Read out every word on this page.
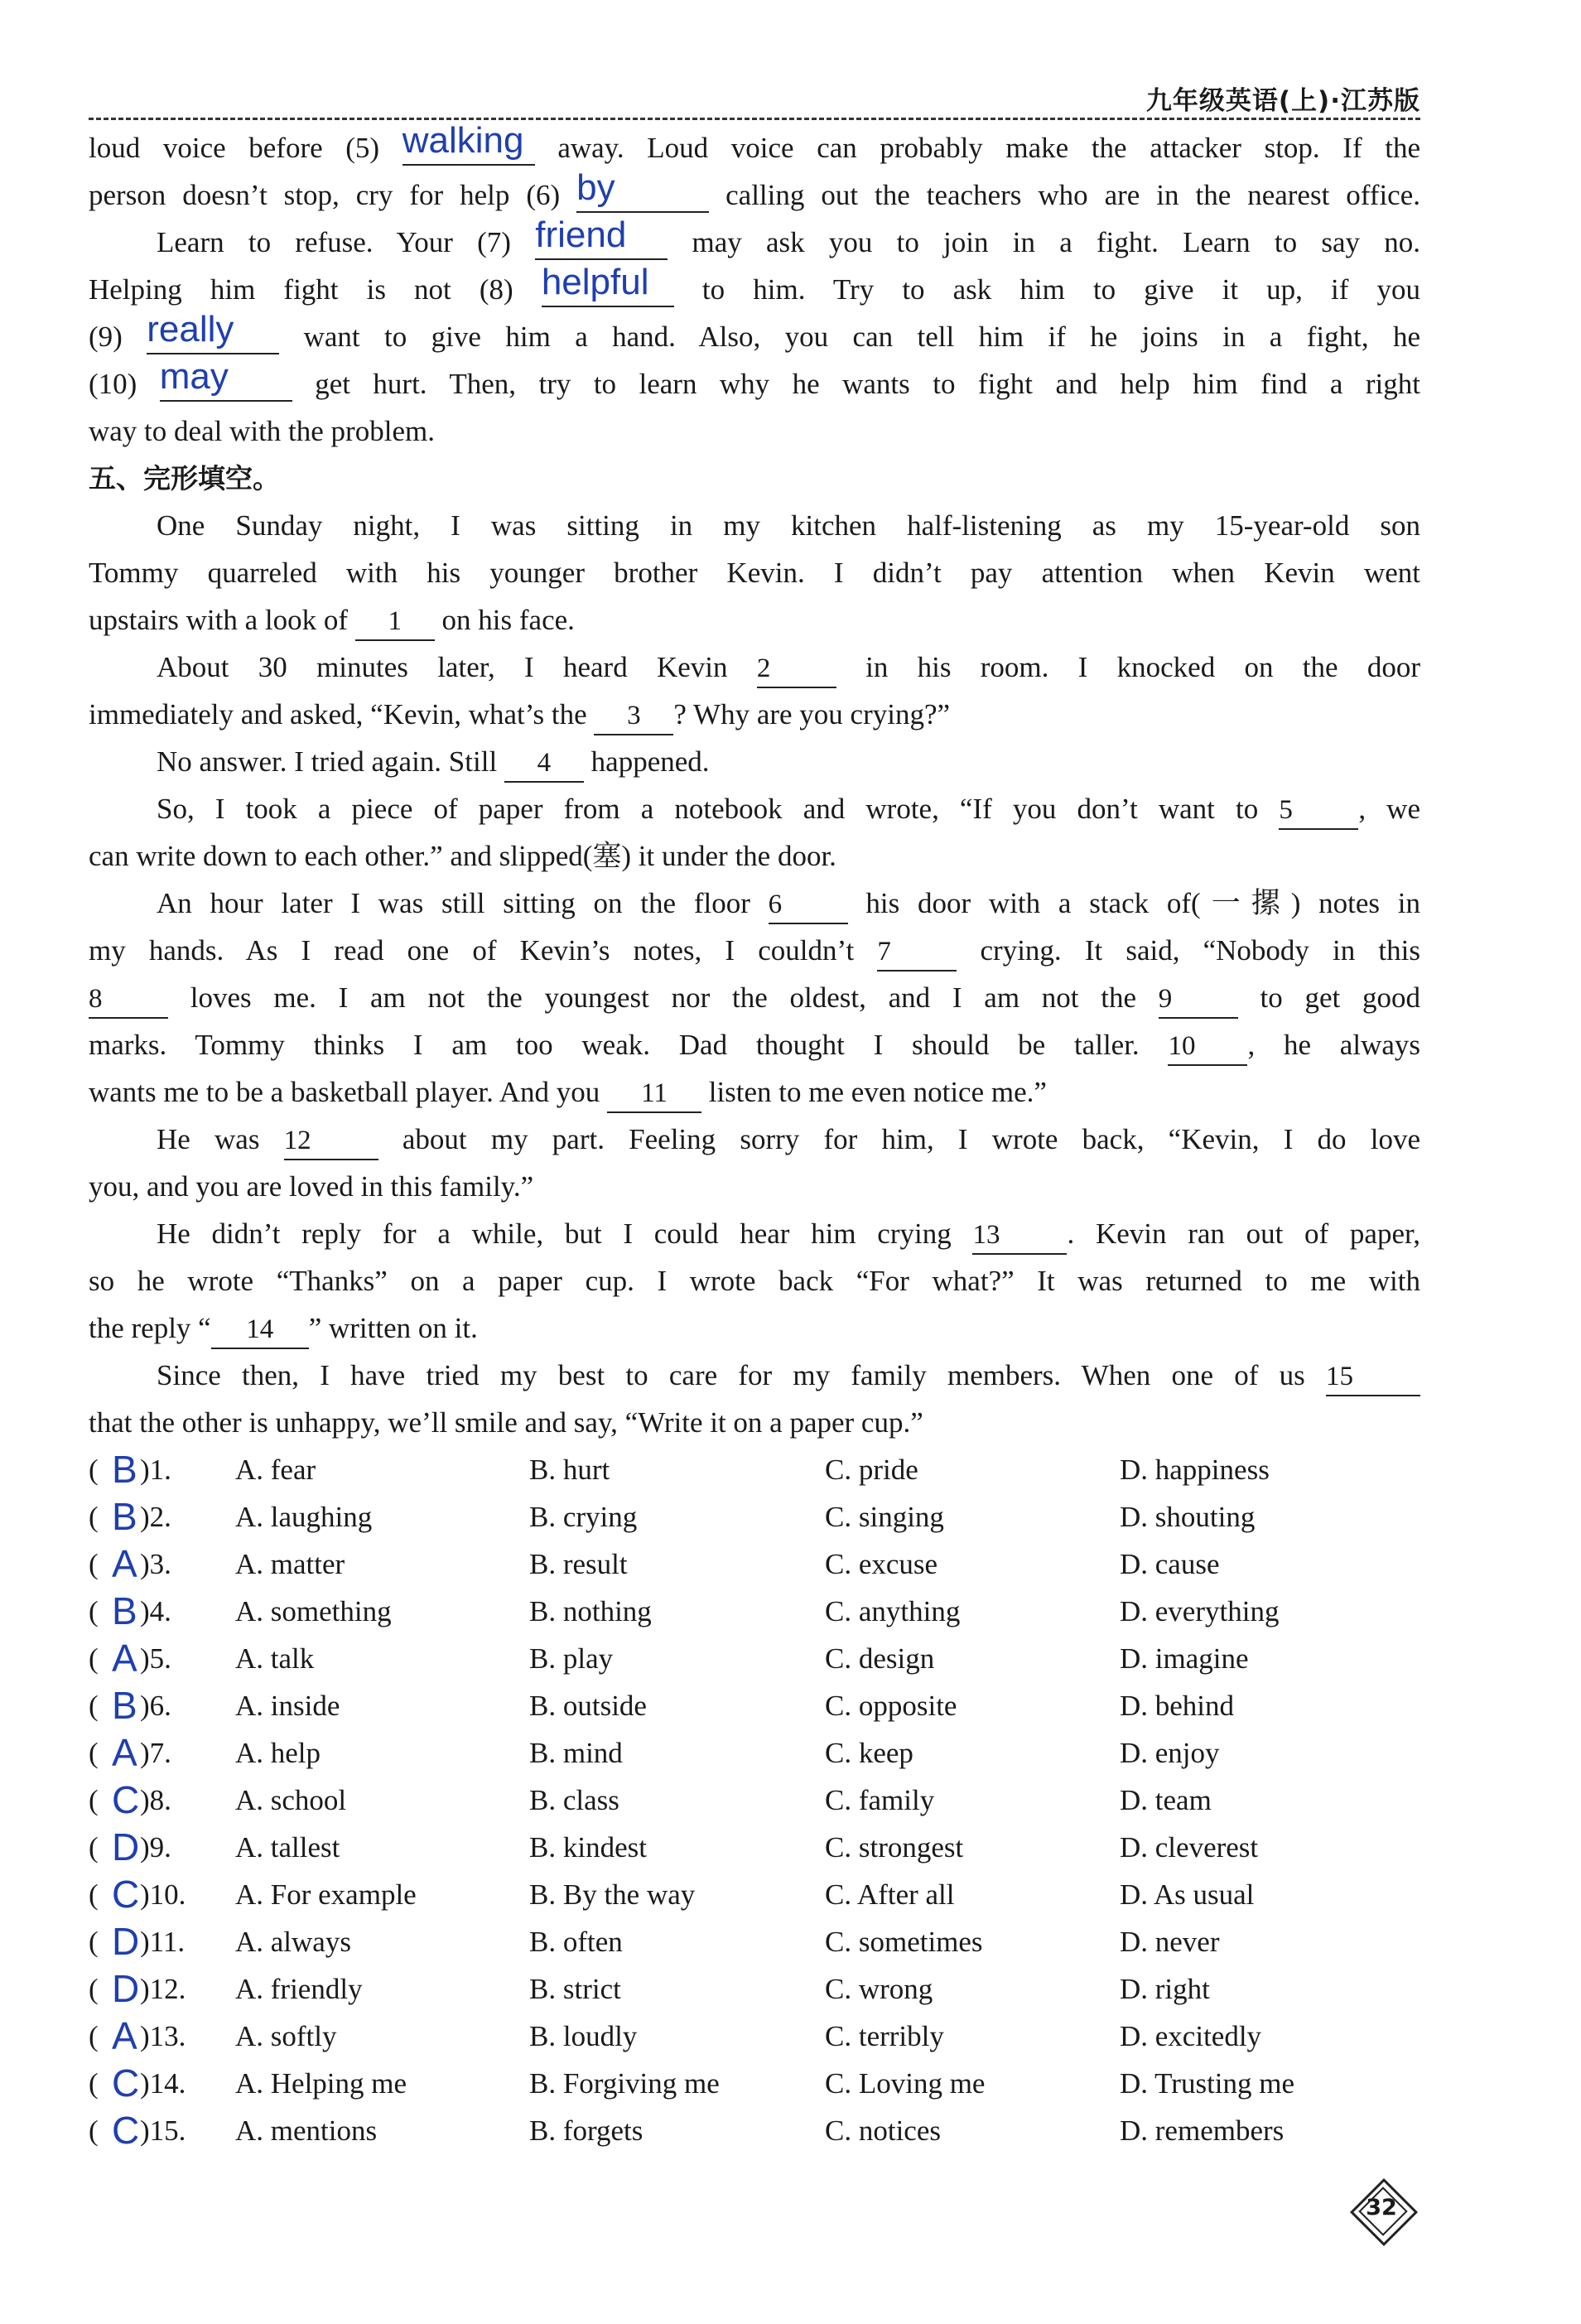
九年级英语(上)·江苏版
loud voice before (5) walking away. Loud voice can probably make the attacker stop. If the
person doesn’t stop, cry for help (6) by	calling out the teachers who are in the nearest office.
Learn to refuse. Your (7) friend may ask you to join in a fight. Learn to say no.
Helping him fight is not (8) helpful to him. Try to ask him to give it up, if you
(9) really want to give him a hand. Also, you can tell him if he joins in a fight, he
(10) may	get hurt. Then, try to learn why he wants to fight and help him find a right
way to deal with the problem.
五、完形填空。
One Sunday night, I was sitting in my kitchen half-listening as my 15-year-old son
Tommy quarreled with his younger brother Kevin. I didn’t pay attention when Kevin went
upstairs with a look of 1 on his face.
About 30 minutes later, I heard Kevin 2	in his room. I knocked on the door
immediately and asked, “Kevin, what’s the 3 ? Why are you crying?”
No answer. I tried again. Still 4 happened.
So, I took a piece of paper from a notebook and wrote, “If you don’t want to 5 , we
can write down to each other.” and slipped(塞) it under the door.
An hour later I was still sitting on the floor 6	his door with a stack of(一摞) notes in
my hands. As I read one of Kevin’s notes, I couldn’t 7	crying. It said, “Nobody in this
8	loves me. I am not the youngest nor the oldest, and I am not the 9	to get good
marks. Tommy thinks I am too weak. Dad thought I should be taller. 10 , he always
wants me to be a basketball player. And you 11 listen to me even notice me.”
He was 12	about my part. Feeling sorry for him, I wrote back, “Kevin, I do love
you, and you are loved in this family.”
He didn’t reply for a while, but I could hear him crying 13 . Kevin ran out of paper,
so he wrote “Thanks” on a paper cup. I wrote back “For what?” It was returned to me with
the reply “ 14 ” written on it.
Since then, I have tried my best to care for my family members. When one of us 15
that the other is unhappy, we’ll smile and say, “Write it on a paper cup.”
( B )1. A. fear	B. hurt	C. pride	D. happiness
( B )2. A. laughing	B. crying	C. singing	D. shouting
( A )3. A. matter	B. result	C. excuse	D. cause
( B )4. A. something	B. nothing	C. anything	D. everything
( A )5. A. talk	B. play	C. design	D. imagine
( B )6. A. inside	B. outside	C. opposite	D. behind
( A )7. A. help	B. mind	C. keep	D. enjoy
( C )8. A. school	B. class	C. family	D. team
( D )9. A. tallest	B. kindest	C. strongest	D. cleverest
( C )10. A. For example	B. By the way	C. After all	D. As usual
( D )11. A. always	B. often	C. sometimes	D. never
( D )12. A. friendly	B. strict	C. wrong	D. right
( A )13. A. softly	B. loudly	C. terribly	D. excitedly
( C )14. A. Helping me	B. Forgiving me	C. Loving me	D. Trusting me
( C )15. A. mentions	B. forgets	C. notices	D. remembers
32
